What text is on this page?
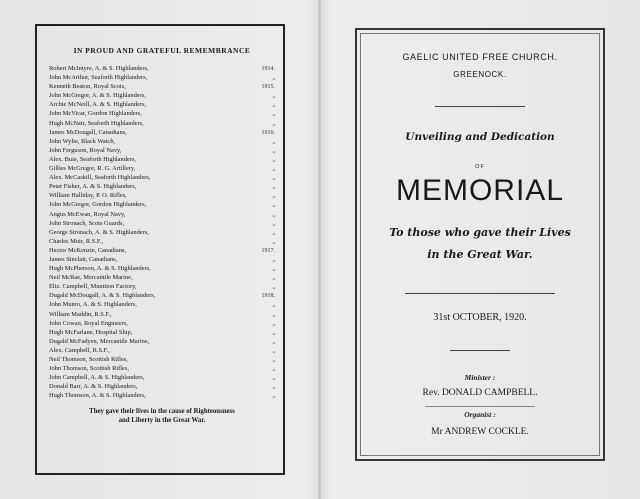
IN PROUD AND GRATEFUL REMEMBRANCE
Robert McIntyre, A. & S. Highlanders,	1914.
John McArthur, Seaforth Highlanders,	„
Kenneth Beaton, Royal Scots,	1915.
John McGregor, A. & S. Highlanders,	„
Archie McNeill, A. & S. Highlanders,	„
John McVicar, Gordon Highlanders,	„
Hugh McNair, Seaforth Highlanders,	„
James McDougall, Canadians,	1916.
John Wylie, Black Watch,	„
John Ferguson, Royal Navy,	„
Alex. Buie, Seaforth Highlanders,	„
Gillies McGregor, R. G. Artillery,	„
Alex. McCaskill, Seaforth Highlanders,	„
Peter Fisher, A. & S. Highlanders,	„
William Halliday, P. O. Rifles,	„
John McGregor, Gordon Highlanders,	„
Angus McEwan, Royal Navy,	„
John Stronach, Scots Guards,	„
George Stronach, A. & S. Highlanders,	„
Charles Muir, R.S.F.,	„
Hector McKenzie, Canadians,	1917.
James Sinclair, Canadians,	„
Hugh McPherson, A. & S. Highlanders,	„
Neil McRae, Mercantile Marine,	„
Eliz. Campbell, Munition Factory,	„
Dugald McDougall, A. & S. Highlanders,	1918.
John Munro, A. & S. Highlanders,	„
William Maddin, R.S.F.,	„
John Cowan, Royal Engineers,	„
Hugh McFarlane, Hospital Ship,	„
Dugald McFadyen, Mercantile Marine,	„
Alex. Campbell, R.S.F.,	„
Neil Thomson, Scottish Rifles,	„
John Thomson, Scottish Rifles,	„
John Campbell, A. & S. Highlanders,	„
Donald Barr, A. & S. Highlanders,	„
Hugh Thomson, A. & S. Highlanders,	„
They gave their lives in the cause of Righteousness
and Liberty in the Great War.
GAELIC UNITED FREE CHURCH.
GREENOCK.
Unveiling and Dedication
OF
MEMORIAL
To those who gave their Lives
in the Great War.
31st OCTOBER, 1920.
Minister :
Rev. DONALD CAMPBELL.
Organist :
Mr ANDREW COCKLE.
